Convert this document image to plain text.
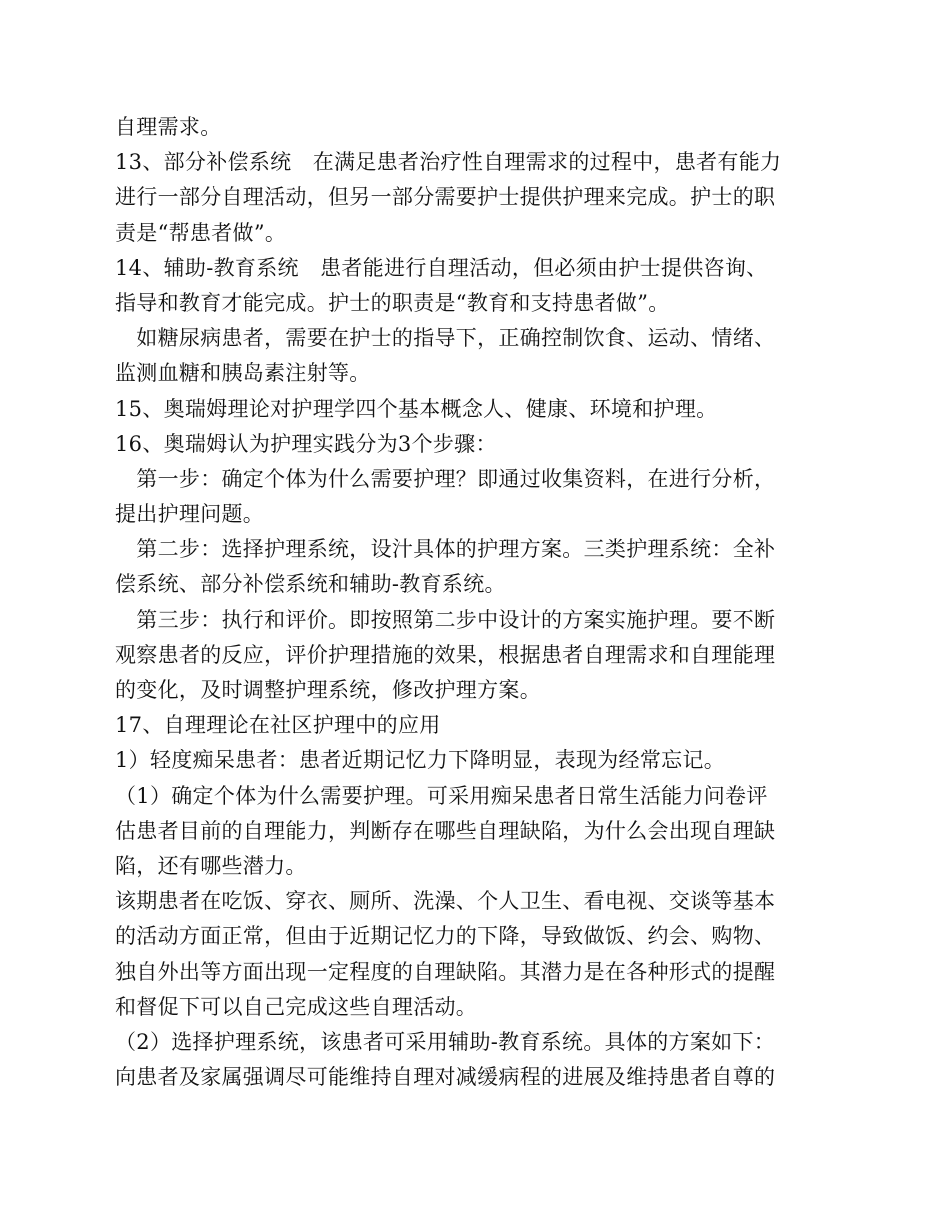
自理需求。
13、部分补偿系统　在满足患者治疗性自理需求的过程中，患者有能力
进行一部分自理活动，但另一部分需要护士提供护理来完成。护士的职
责是“帮患者做”。
14、辅助-教育系统　患者能进行自理活动，但必须由护士提供咨询、
指导和教育才能完成。护士的职责是“教育和支持患者做”。
　如糖尿病患者，需要在护士的指导下，正确控制饮食、运动、情绪、
监测血糖和胰岛素注射等。
15、奥瑞姆理论对护理学四个基本概念人、健康、环境和护理。
16、奥瑞姆认为护理实践分为3个步骤：
　第一步：确定个体为什么需要护理？即通过收集资料，在进行分析，
提出护理问题。
　第二步：选择护理系统，设汁具体的护理方案。三类护理系统：全补
偿系统、部分补偿系统和辅助-教育系统。
　第三步：执行和评价。即按照第二步中设计的方案实施护理。要不断
观察患者的反应，评价护理措施的效果，根据患者自理需求和自理能理
的变化，及时调整护理系统，修改护理方案。
17、自理理论在社区护理中的应用
1）轻度痴呆患者：患者近期记忆力下降明显，表现为经常忘记。
（1）确定个体为什么需要护理。可采用痴呆患者日常生活能力问卷评
估患者目前的自理能力，判断存在哪些自理缺陷，为什么会出现自理缺
陷，还有哪些潜力。
该期患者在吃饭、穿衣、厕所、洗澡、个人卫生、看电视、交谈等基本
的活动方面正常，但由于近期记忆力的下降，导致做饭、约会、购物、
独自外出等方面出现一定程度的自理缺陷。其潜力是在各种形式的提醒
和督促下可以自己完成这些自理活动。
（2）选择护理系统，该患者可采用辅助-教育系统。具体的方案如下：
向患者及家属强调尽可能维持自理对减缓病程的进展及维持患者自尊的
